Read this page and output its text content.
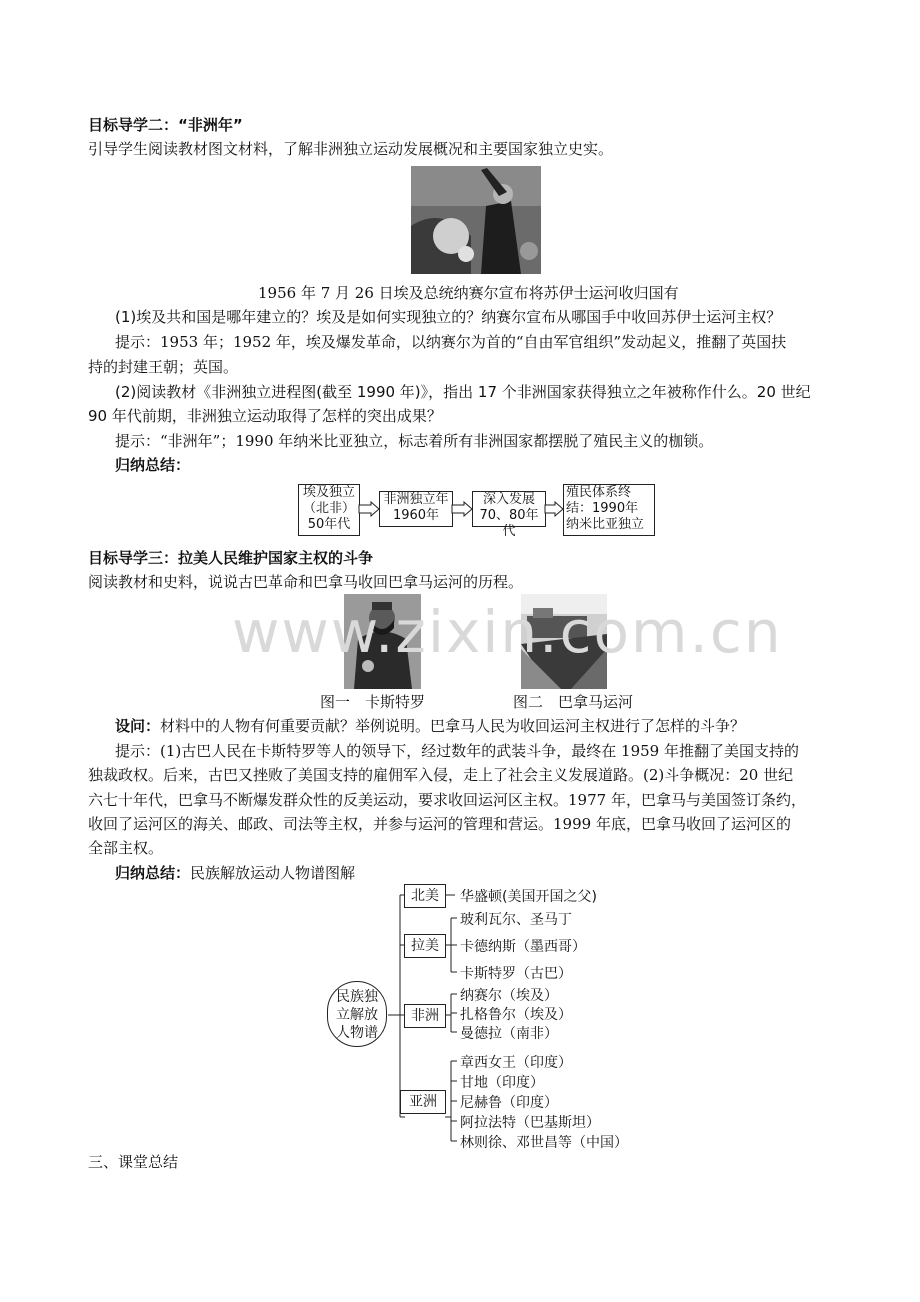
目标导学二：“非洲年”
引导学生阅读教材图文材料，了解非洲独立运动发展概况和主要国家独立史实。
1956 年 7 月 26 日埃及总统纳赛尔宣布将苏伊士运河收归国有
(1)埃及共和国是哪年建立的？埃及是如何实现独立的？纳赛尔宣布从哪国手中收回苏伊士运河主权？
提示：1953 年；1952 年，埃及爆发革命，以纳赛尔为首的“自由军官组织”发动起义，推翻了英国扶
持的封建王朝；英国。
(2)阅读教材《非洲独立进程图(截至 1990 年)》，指出 17 个非洲国家获得独立之年被称作什么。20 世纪
90 年代前期，非洲独立运动取得了怎样的突出成果？
提示：“非洲年”；1990 年纳米比亚独立，标志着所有非洲国家都摆脱了殖民主义的枷锁。
归纳总结：
埃及独立
（北非）
50年代
非洲独立年
1960年
深入发展
70、80年代
殖民体系终
结：1990年
纳米比亚独立
目标导学三：拉美人民维护国家主权的斗争
阅读教材和史料，说说古巴革命和巴拿马收回巴拿马运河的历程。
图一　卡斯特罗	图二　巴拿马运河
设问：材料中的人物有何重要贡献？举例说明。巴拿马人民为收回运河主权进行了怎样的斗争？
提示：(1)古巴人民在卡斯特罗等人的领导下，经过数年的武装斗争，最终在 1959 年推翻了美国支持的
独裁政权。后来，古巴又挫败了美国支持的雇佣军入侵，走上了社会主义发展道路。(2)斗争概况：20 世纪
六七十年代，巴拿马不断爆发群众性的反美运动，要求收回运河区主权。1977 年，巴拿马与美国签订条约，
收回了运河区的海关、邮政、司法等主权，并参与运河的管理和营运。1999 年底，巴拿马收回了运河区的
全部主权。
归纳总结：民族解放运动人物谱图解
民族独
立解放
人物谱
北美
拉美
非洲
亚洲
华盛顿(美国开国之父)
玻利瓦尔、圣马丁
卡德纳斯（墨西哥）
卡斯特罗（古巴）
纳赛尔（埃及）
扎格鲁尔（埃及）
曼德拉（南非）
章西女王（印度）
甘地（印度）
尼赫鲁（印度）
阿拉法特（巴基斯坦）
林则徐、邓世昌等（中国）
三、课堂总结
www.zixin.com.cn
